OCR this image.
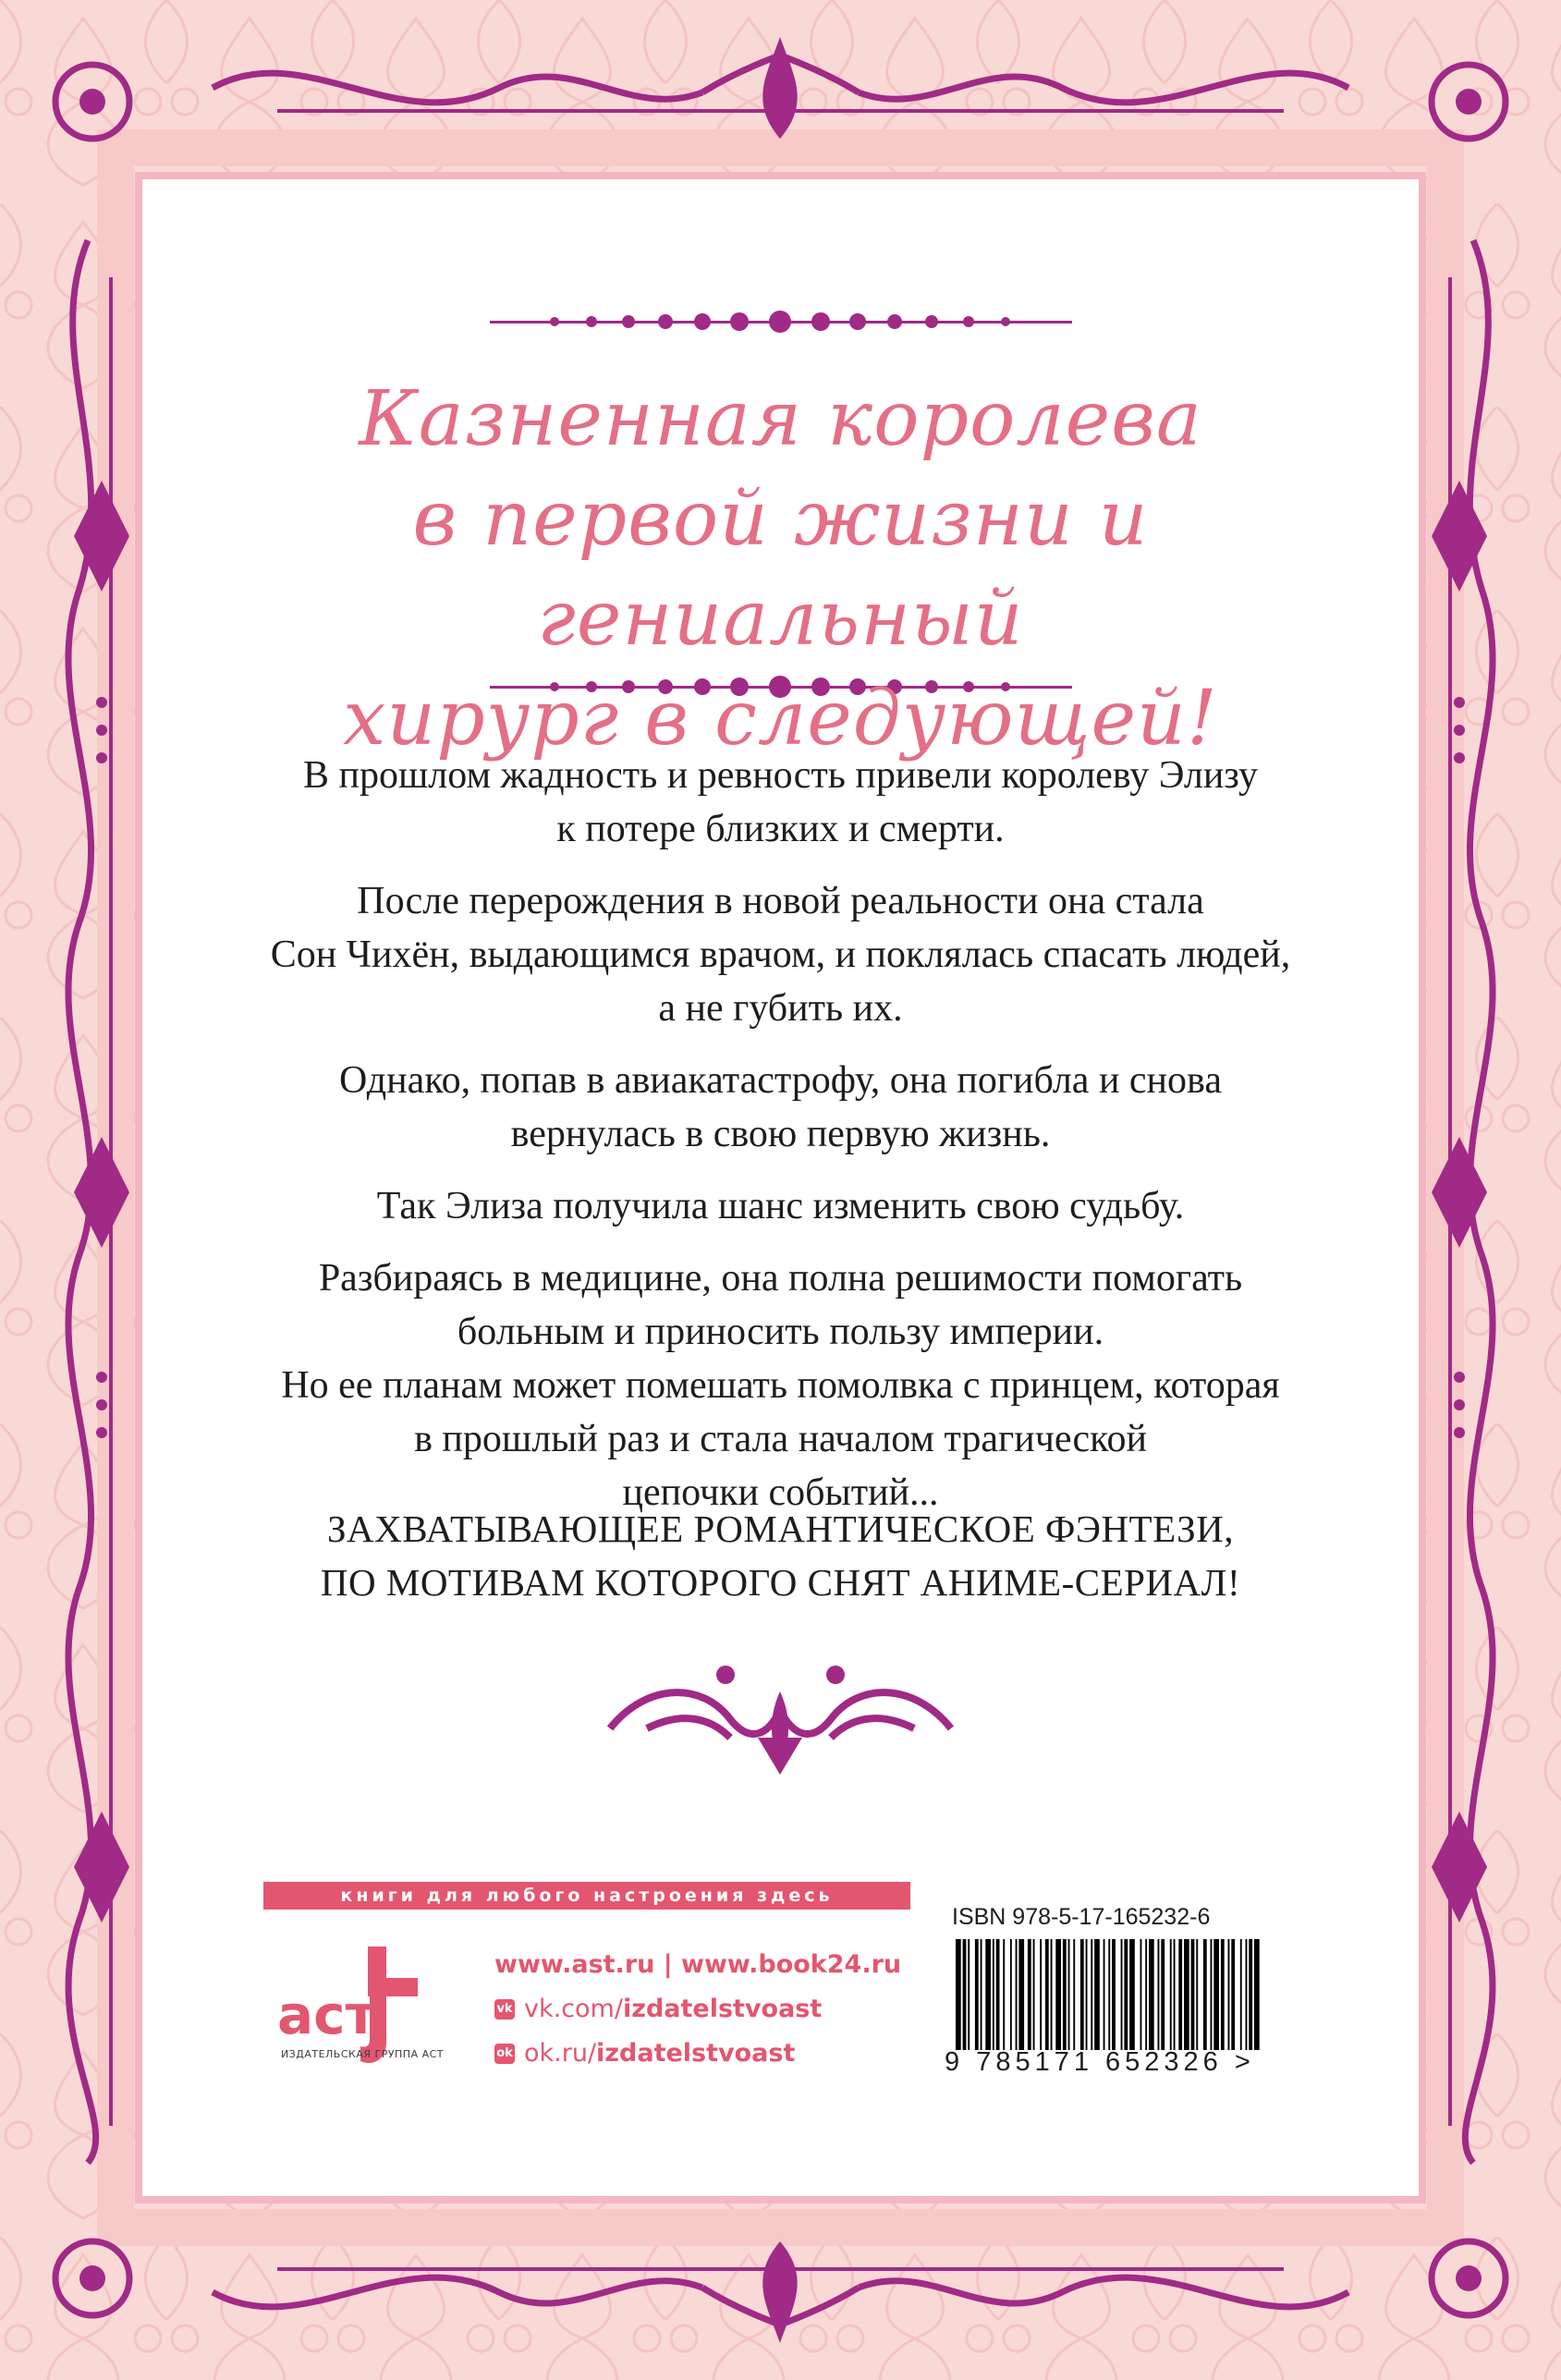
Казненная королева
в первой жизни и гениальный
хирург в следующей!

В прошлом жадность и ревность привели королеву Элизу
к потере близких и смерти.

После перерождения в новой реальности она стала
Сон Чихён, выдающимся врачом, и поклялась спасать людей,
а не губить их.

Однако, попав в авиакатастрофу, она погибла и снова
вернулась в свою первую жизнь.

Так Элиза получила шанс изменить свою судьбу.

Разбираясь в медицине, она полна решимости помогать
больным и приносить пользу империи.

Но ее планам может помешать помолвка с принцем, которая
в прошлый раз и стала началом трагической
цепочки событий...

ЗАХВАТЫВАЮЩЕЕ РОМАНТИЧЕСКОЕ ФЭНТЕЗИ,
ПО МОТИВАМ КОТОРОГО СНЯТ АНИМЕ-СЕРИАЛ!
книги для любого настроения здесь
аст
ИЗДАТЕЛЬСКАЯ ГРУППА АСТ
www.ast.ru | www.book24.ru
vk vk.com/ izdatelstvoast
ok ok.ru/ izdatelstvoast
ISBN 978-5-17-165232-6
9 785171 652326 >
